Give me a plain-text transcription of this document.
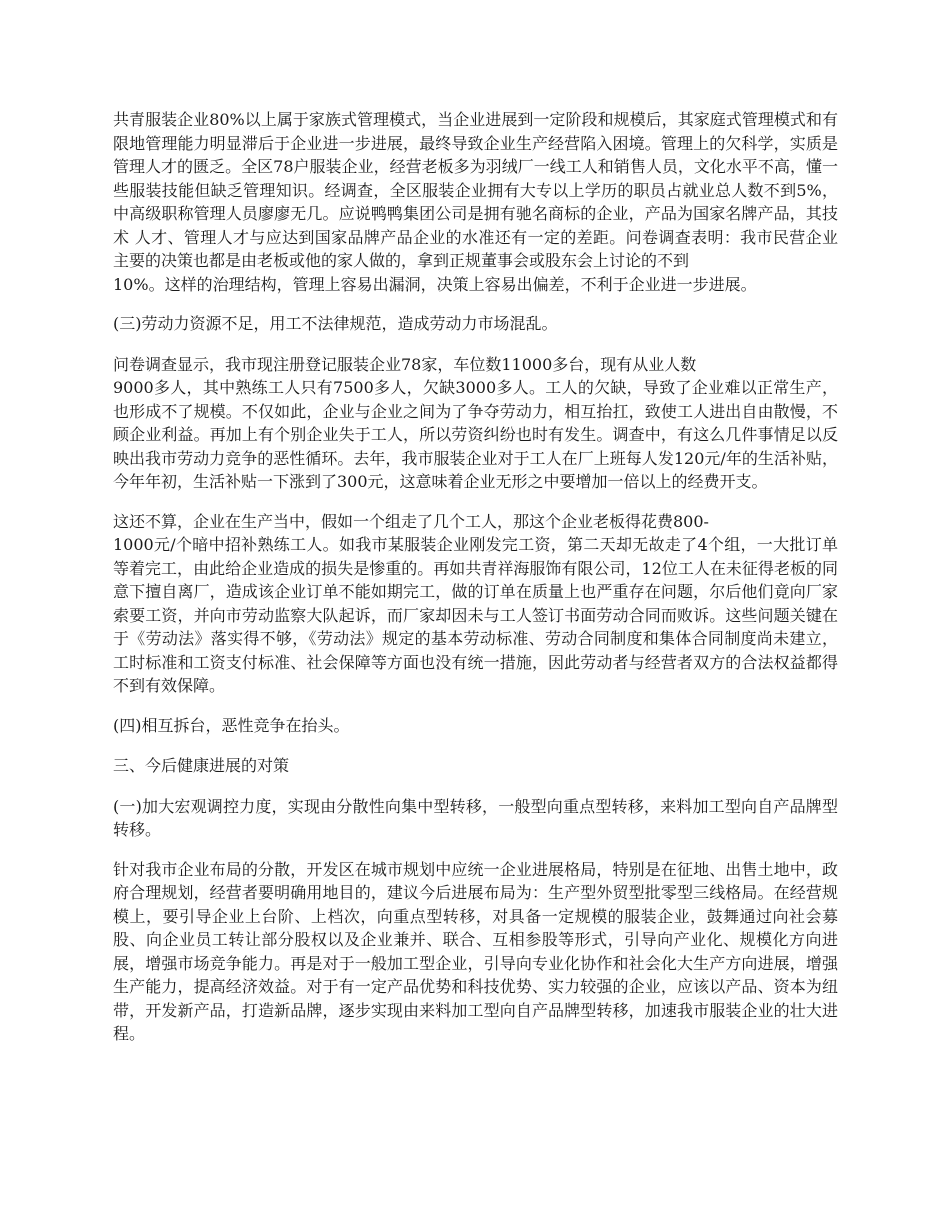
共青服装企业80%以上属于家族式管理模式，当企业进展到一定阶段和规模后，其家庭式管理模式和有限地管理能力明显滞后于企业进一步进展，最终导致企业生产经营陷入困境。管理上的欠科学，实质是管理人才的匮乏。全区78户服装企业，经营老板多为羽绒厂一线工人和销售人员，文化水平不高，懂一些服装技能但缺乏管理知识。经调查，全区服装企业拥有大专以上学历的职员占就业总人数不到5%，中高级职称管理人员廖廖无几。应说鸭鸭集团公司是拥有驰名商标的企业，产品为国家名牌产品，其技术 人才、管理人才与应达到国家品牌产品企业的水准还有一定的差距。问卷调查表明：我市民营企业主要的决策也都是由老板或他的家人做的，拿到正规董事会或股东会上讨论的不到
10%。这样的治理结构，管理上容易出漏洞，决策上容易出偏差，不利于企业进一步进展。

(三)劳动力资源不足，用工不法律规范，造成劳动力市场混乱。

问卷调查显示，我市现注册登记服装企业78家，车位数11000多台，现有从业人数
9000多人，其中熟练工人只有7500多人，欠缺3000多人。工人的欠缺，导致了企业难以正常生产，也形成不了规模。不仅如此，企业与企业之间为了争夺劳动力，相互抬扛，致使工人进出自由散慢，不顾企业利益。再加上有个别企业失于工人，所以劳资纠纷也时有发生。调查中，有这么几件事情足以反映出我市劳动力竞争的恶性循环。去年，我市服装企业对于工人在厂上班每人发120元/年的生活补贴，今年年初，生活补贴一下涨到了300元，这意味着企业无形之中要增加一倍以上的经费开支。

这还不算，企业在生产当中，假如一个组走了几个工人，那这个企业老板得花费800-
1000元/个暗中招补熟练工人。如我市某服装企业刚发完工资，第二天却无故走了4个组，一大批订单等着完工，由此给企业造成的损失是惨重的。再如共青祥海服饰有限公司，12位工人在未征得老板的同意下擅自离厂，造成该企业订单不能如期完工，做的订单在质量上也严重存在问题，尔后他们竟向厂家索要工资，并向市劳动监察大队起诉，而厂家却因未与工人签订书面劳动合同而败诉。这些问题关键在于《劳动法》落实得不够，《劳动法》规定的基本劳动标准、劳动合同制度和集体合同制度尚未建立，工时标准和工资支付标准、社会保障等方面也没有统一措施，因此劳动者与经营者双方的合法权益都得不到有效保障。

(四)相互拆台，恶性竞争在抬头。

三、今后健康进展的对策

(一)加大宏观调控力度，实现由分散性向集中型转移，一般型向重点型转移，来料加工型向自产品牌型转移。

针对我市企业布局的分散，开发区在城市规划中应统一企业进展格局，特别是在征地、出售土地中，政府合理规划，经营者要明确用地目的，建议今后进展布局为：生产型外贸型批零型三线格局。在经营规模上，要引导企业上台阶、上档次，向重点型转移，对具备一定规模的服装企业，鼓舞通过向社会募股、向企业员工转让部分股权以及企业兼并、联合、互相参股等形式，引导向产业化、规模化方向进展，增强市场竞争能力。再是对于一般加工型企业，引导向专业化协作和社会化大生产方向进展，增强生产能力，提高经济效益。对于有一定产品优势和科技优势、实力较强的企业，应该以产品、资本为纽带，开发新产品，打造新品牌，逐步实现由来料加工型向自产品牌型转移，加速我市服装企业的壮大进程。
